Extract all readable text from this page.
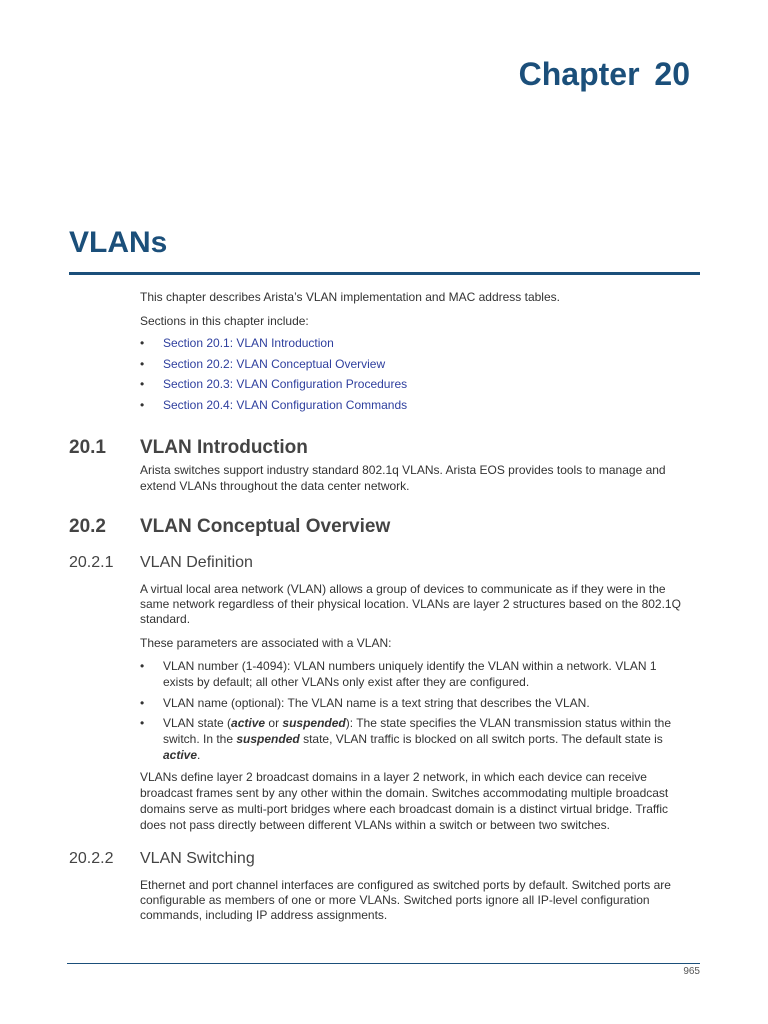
Chapter 20
VLANs

This chapter describes Arista’s VLAN implementation and MAC address tables.

Sections in this chapter include:

• Section 20.1: VLAN Introduction
• Section 20.2: VLAN Conceptual Overview
• Section 20.3: VLAN Configuration Procedures
• Section 20.4: VLAN Configuration Commands
20.1 VLAN Introduction

Arista switches support industry standard 802.1q VLANs. Arista EOS provides tools to manage and

extend VLANs throughout the data center network.

20.2 VLAN Conceptual Overview
20.2.1 VLAN Definition

A virtual local area network (VLAN) allows a group of devices to communicate as if they were in the

same network regardless of their physical location. VLANs are layer 2 structures based on the 802.1Q

standard.

These parameters are associated with a VLAN:

• VLAN number (1-4094): VLAN numbers uniquely identify the VLAN within a network. VLAN 1
exists by default; all other VLANs only exist after they are configured.
• VLAN name (optional): The VLAN name is a text string that describes the VLAN.
• VLAN state (active or suspended): The state specifies the VLAN transmission status within the
switch. In the suspended state, VLAN traffic is blocked on all switch ports. The default state is
active.

VLANs define layer 2 broadcast domains in a layer 2 network, in which each device can receive

broadcast frames sent by any other within the domain. Switches accommodating multiple broadcast

domains serve as multi-port bridges where each broadcast domain is a distinct virtual bridge. Traffic

does not pass directly between different VLANs within a switch or between two switches.

20.2.2 VLAN Switching

Ethernet and port channel interfaces are configured as switched ports by default. Switched ports are

configurable as members of one or more VLANs. Switched ports ignore all IP-level configuration

commands, including IP address assignments.

965
